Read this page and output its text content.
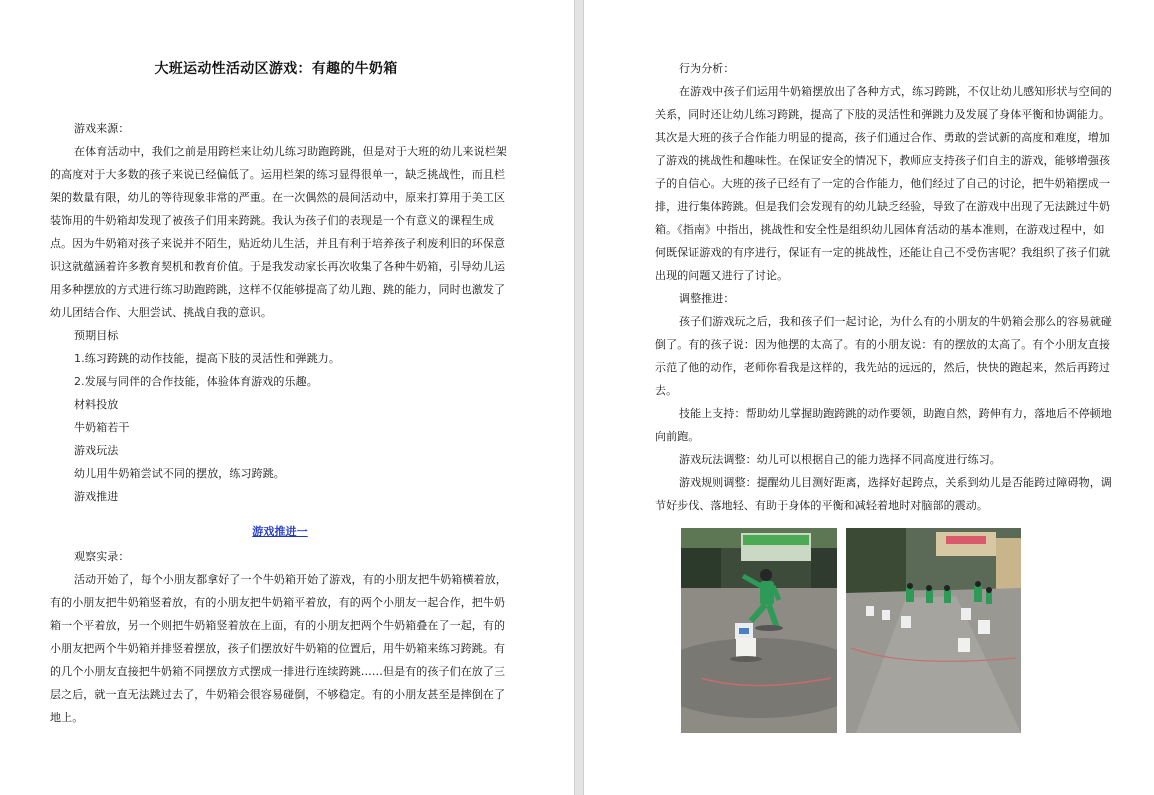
大班运动性活动区游戏：有趣的牛奶箱

游戏来源：

在体育活动中，我们之前是用跨栏来让幼儿练习助跑跨跳，但是对于大班的幼儿来说栏架的高度对于大多数的孩子来说已经偏低了。运用栏架的练习显得很单一，缺乏挑战性，而且栏架的数量有限，幼儿的等待现象非常的严重。在一次偶然的晨间活动中，原来打算用于美工区装饰用的牛奶箱却发现了被孩子们用来跨跳。我认为孩子们的表现是一个有意义的课程生成点。因为牛奶箱对孩子来说并不陌生，贴近幼儿生活，并且有利于培养孩子利废利旧的环保意识这就蕴涵着许多教育契机和教育价值。于是我发动家长再次收集了各种牛奶箱，引导幼儿运用多种摆放的方式进行练习助跑跨跳，这样不仅能够提高了幼儿跑、跳的能力，同时也激发了幼儿团结合作、大胆尝试、挑战自我的意识。

预期目标

1.练习跨跳的动作技能，提高下肢的灵活性和弹跳力。

2.发展与同伴的合作技能，体验体育游戏的乐趣。

材料投放

牛奶箱若干

游戏玩法

幼儿用牛奶箱尝试不同的摆放，练习跨跳。

游戏推进

游戏推进一

观察实录：

活动开始了，每个小朋友都拿好了一个牛奶箱开始了游戏，有的小朋友把牛奶箱横着放，有的小朋友把牛奶箱竖着放，有的小朋友把牛奶箱平着放，有的两个小朋友一起合作，把牛奶箱一个平着放，另一个则把牛奶箱竖着放在上面，有的小朋友把两个牛奶箱叠在了一起，有的小朋友把两个牛奶箱并排竖着摆放，孩子们摆放好牛奶箱的位置后，用牛奶箱来练习跨跳。有的几个小朋友直接把牛奶箱不同摆放方式摆成一排进行连续跨跳……但是有的孩子们在放了三层之后，就一直无法跳过去了，牛奶箱会很容易碰倒，不够稳定。有的小朋友甚至是摔倒在了地上。

行为分析：

在游戏中孩子们运用牛奶箱摆放出了各种方式，练习跨跳，不仅让幼儿感知形状与空间的关系，同时还让幼儿练习跨跳，提高了下肢的灵活性和弹跳力及发展了身体平衡和协调能力。其次是大班的孩子合作能力明显的提高，孩子们通过合作、勇敢的尝试新的高度和难度，增加了游戏的挑战性和趣味性。在保证安全的情况下，教师应支持孩子们自主的游戏，能够增强孩子的自信心。大班的孩子已经有了一定的合作能力，他们经过了自己的讨论，把牛奶箱摆成一排，进行集体跨跳。但是我们会发现有的幼儿缺乏经验，导致了在游戏中出现了无法跳过牛奶箱。《指南》中指出，挑战性和安全性是组织幼儿园体育活动的基本准则，在游戏过程中，如何既保证游戏的有序进行，保证有一定的挑战性，还能让自己不受伤害呢？我组织了孩子们就出现的问题又进行了讨论。

调整推进：

孩子们游戏玩之后，我和孩子们一起讨论，为什么有的小朋友的牛奶箱会那么的容易就碰倒了。有的孩子说：因为他摆的太高了。有的小朋友说：有的摆放的太高了。有个小朋友直接示范了他的动作，老师你看我是这样的，我先站的远远的，然后，快快的跑起来，然后再跨过去。

技能上支持：帮助幼儿掌握助跑跨跳的动作要领，助跑自然，跨伸有力，落地后不停顿地向前跑。

游戏玩法调整：幼儿可以根据自己的能力选择不同高度进行练习。

游戏规则调整：提醒幼儿目测好距离，选择好起跨点，关系到幼儿是否能跨过障碍物，调节好步伐、落地轻、有助于身体的平衡和减轻着地时对脑部的震动。
